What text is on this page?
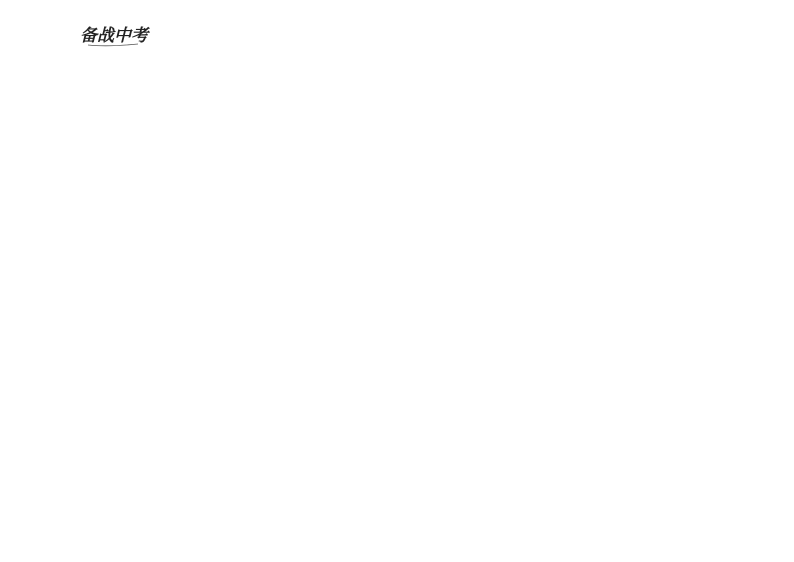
备战中考
